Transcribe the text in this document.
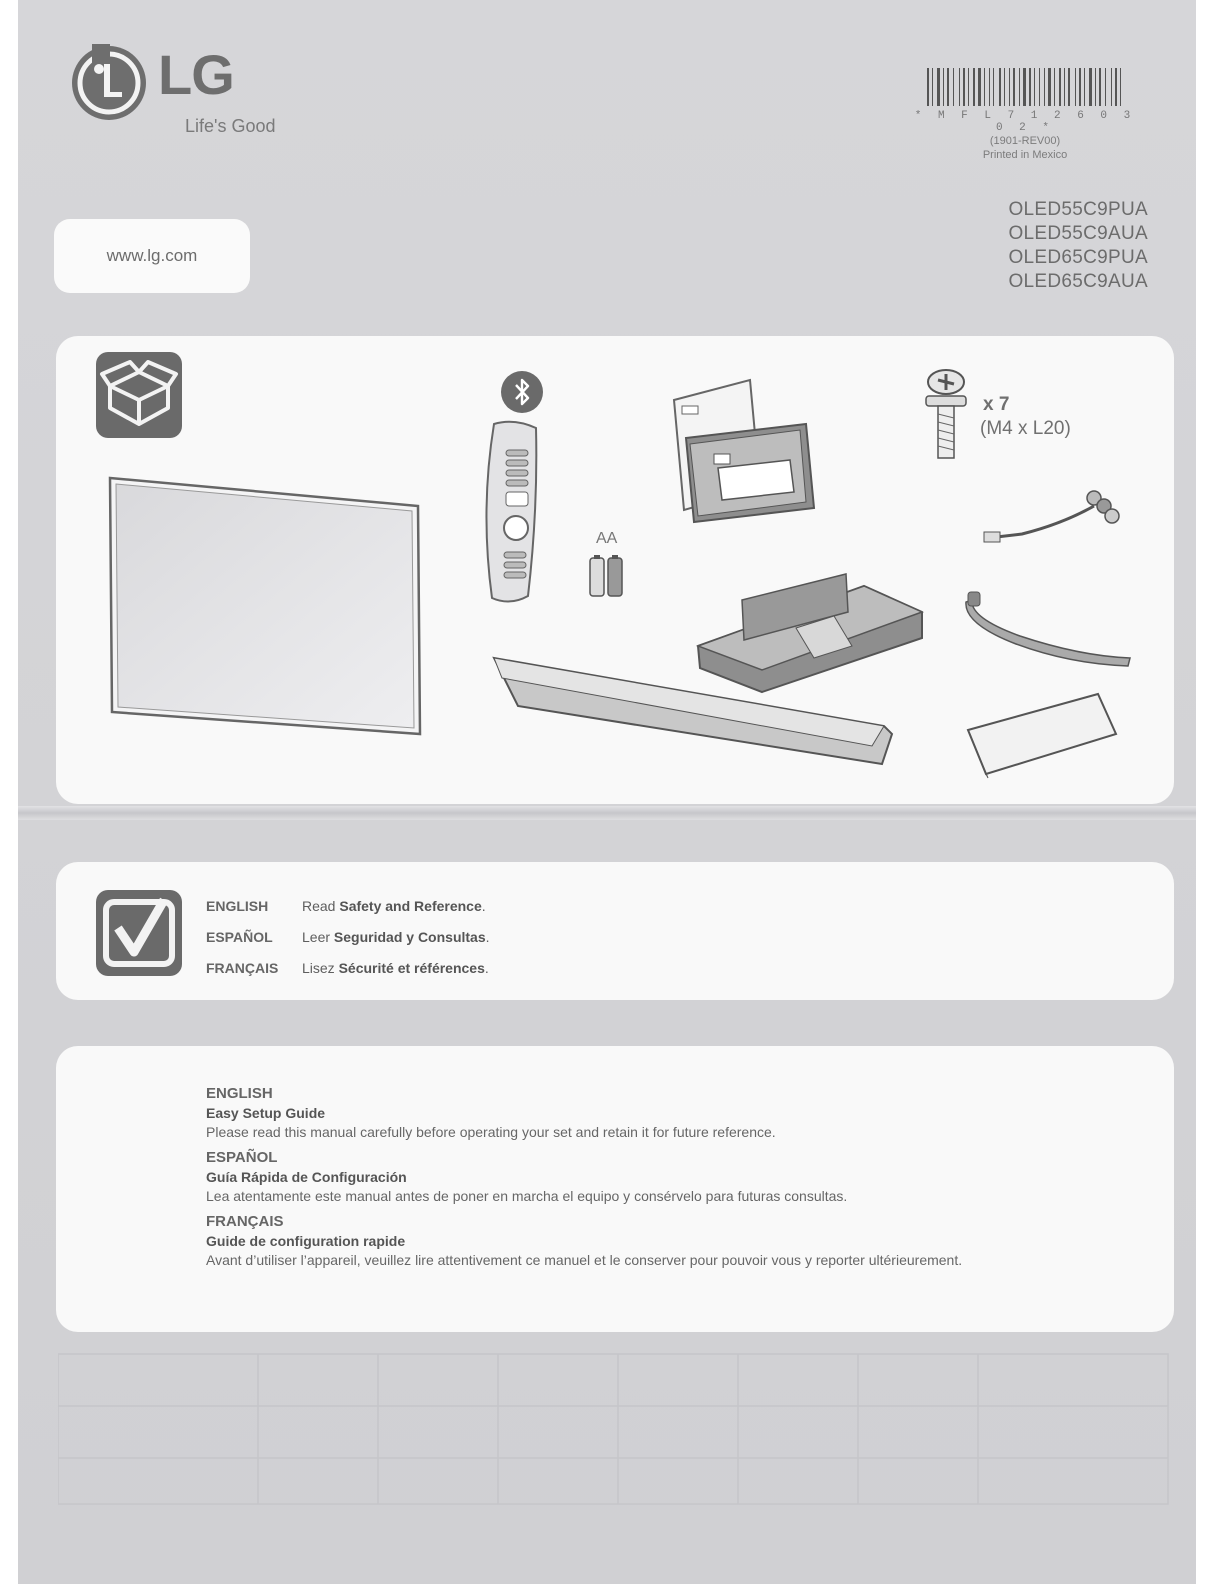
LG
Life's Good	* M F L 7 1 2 6 0 3 0 2 *
(1901-REV00)
Printed in Mexico
OLED55C9PUA
OLED55C9AUA
OLED65C9PUA
OLED65C9AUA
www.lg.com
AA
x 7
(M4 x L20)
ENGLISH	Read Safety and Reference.
ESPAÑOL	Leer Seguridad y Consultas.
FRANÇAIS	Lisez Sécurité et références.
ENGLISH
Easy Setup Guide
Please read this manual carefully before operating your set and retain it for future reference.
ESPAÑOL
Guía Rápida de Configuración
Lea atentamente este manual antes de poner en marcha el equipo y consérvelo para futuras consultas.
FRANÇAIS
Guide de configuration rapide
Avant d’utiliser l’appareil, veuillez lire attentivement ce manuel et le conserver pour pouvoir vous y reporter ultérieurement.
